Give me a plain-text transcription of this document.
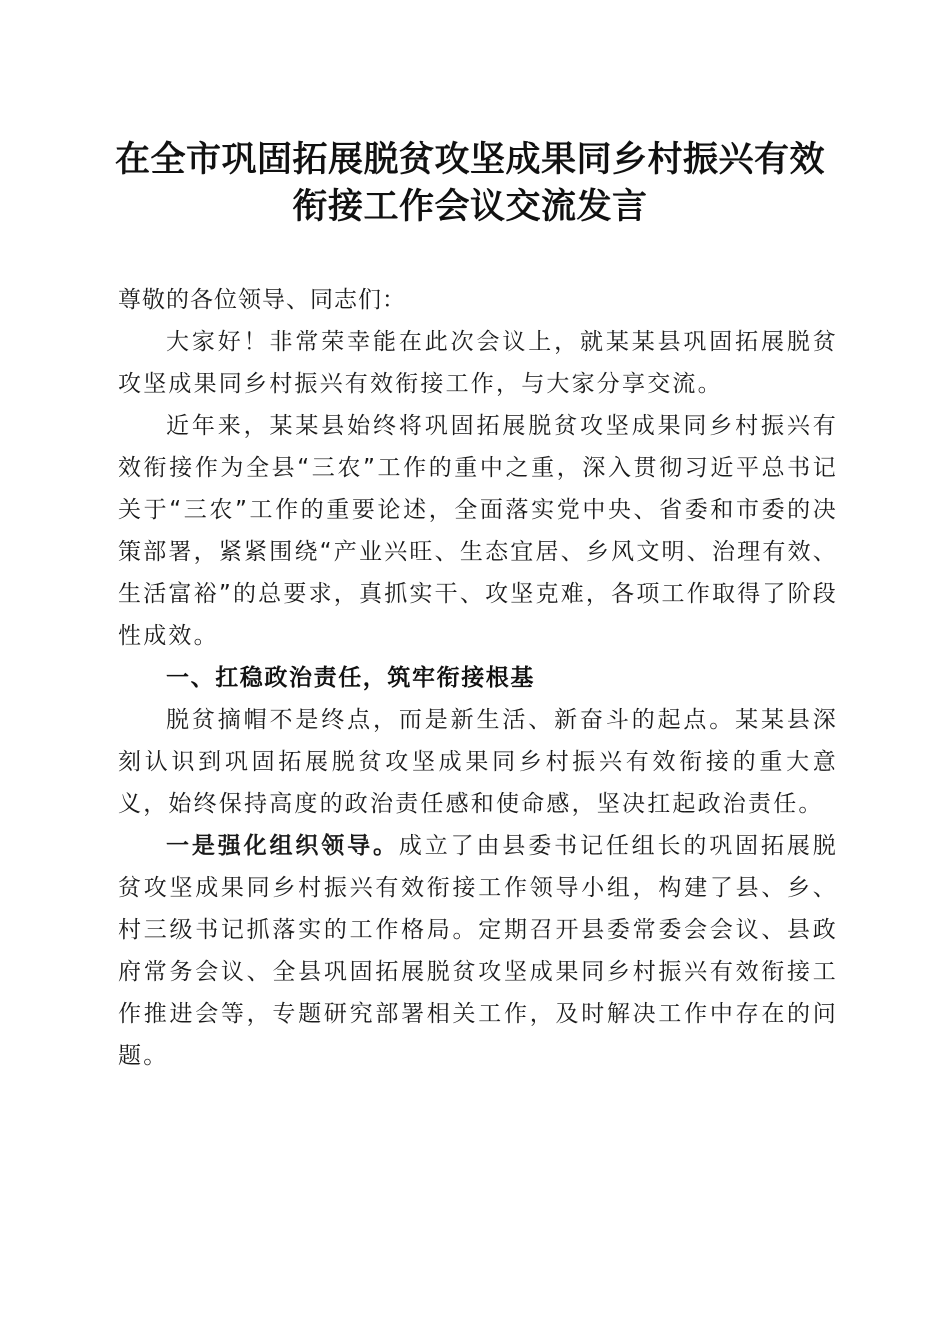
在全市巩固拓展脱贫攻坚成果同乡村振兴有效
衔接工作会议交流发言

尊敬的各位领导、同志们：

大家好！非常荣幸能在此次会议上，就某某县巩固拓展脱贫攻坚成果同乡村振兴有效衔接工作，与大家分享交流。

近年来，某某县始终将巩固拓展脱贫攻坚成果同乡村振兴有效衔接作为全县“三农”工作的重中之重，深入贯彻习近平总书记关于“三农”工作的重要论述，全面落实党中央、省委和市委的决策部署，紧紧围绕“产业兴旺、生态宜居、乡风文明、治理有效、生活富裕”的总要求，真抓实干、攻坚克难，各项工作取得了阶段性成效。

一、扛稳政治责任，筑牢衔接根基

脱贫摘帽不是终点，而是新生活、新奋斗的起点。某某县深刻认识到巩固拓展脱贫攻坚成果同乡村振兴有效衔接的重大意义，始终保持高度的政治责任感和使命感，坚决扛起政治责任。

一是强化组织领导。成立了由县委书记任组长的巩固拓展脱贫攻坚成果同乡村振兴有效衔接工作领导小组，构建了县、乡、村三级书记抓落实的工作格局。定期召开县委常委会会议、县政府常务会议、全县巩固拓展脱贫攻坚成果同乡村振兴有效衔接工作推进会等，专题研究部署相关工作，及时解决工作中存在的问题。
